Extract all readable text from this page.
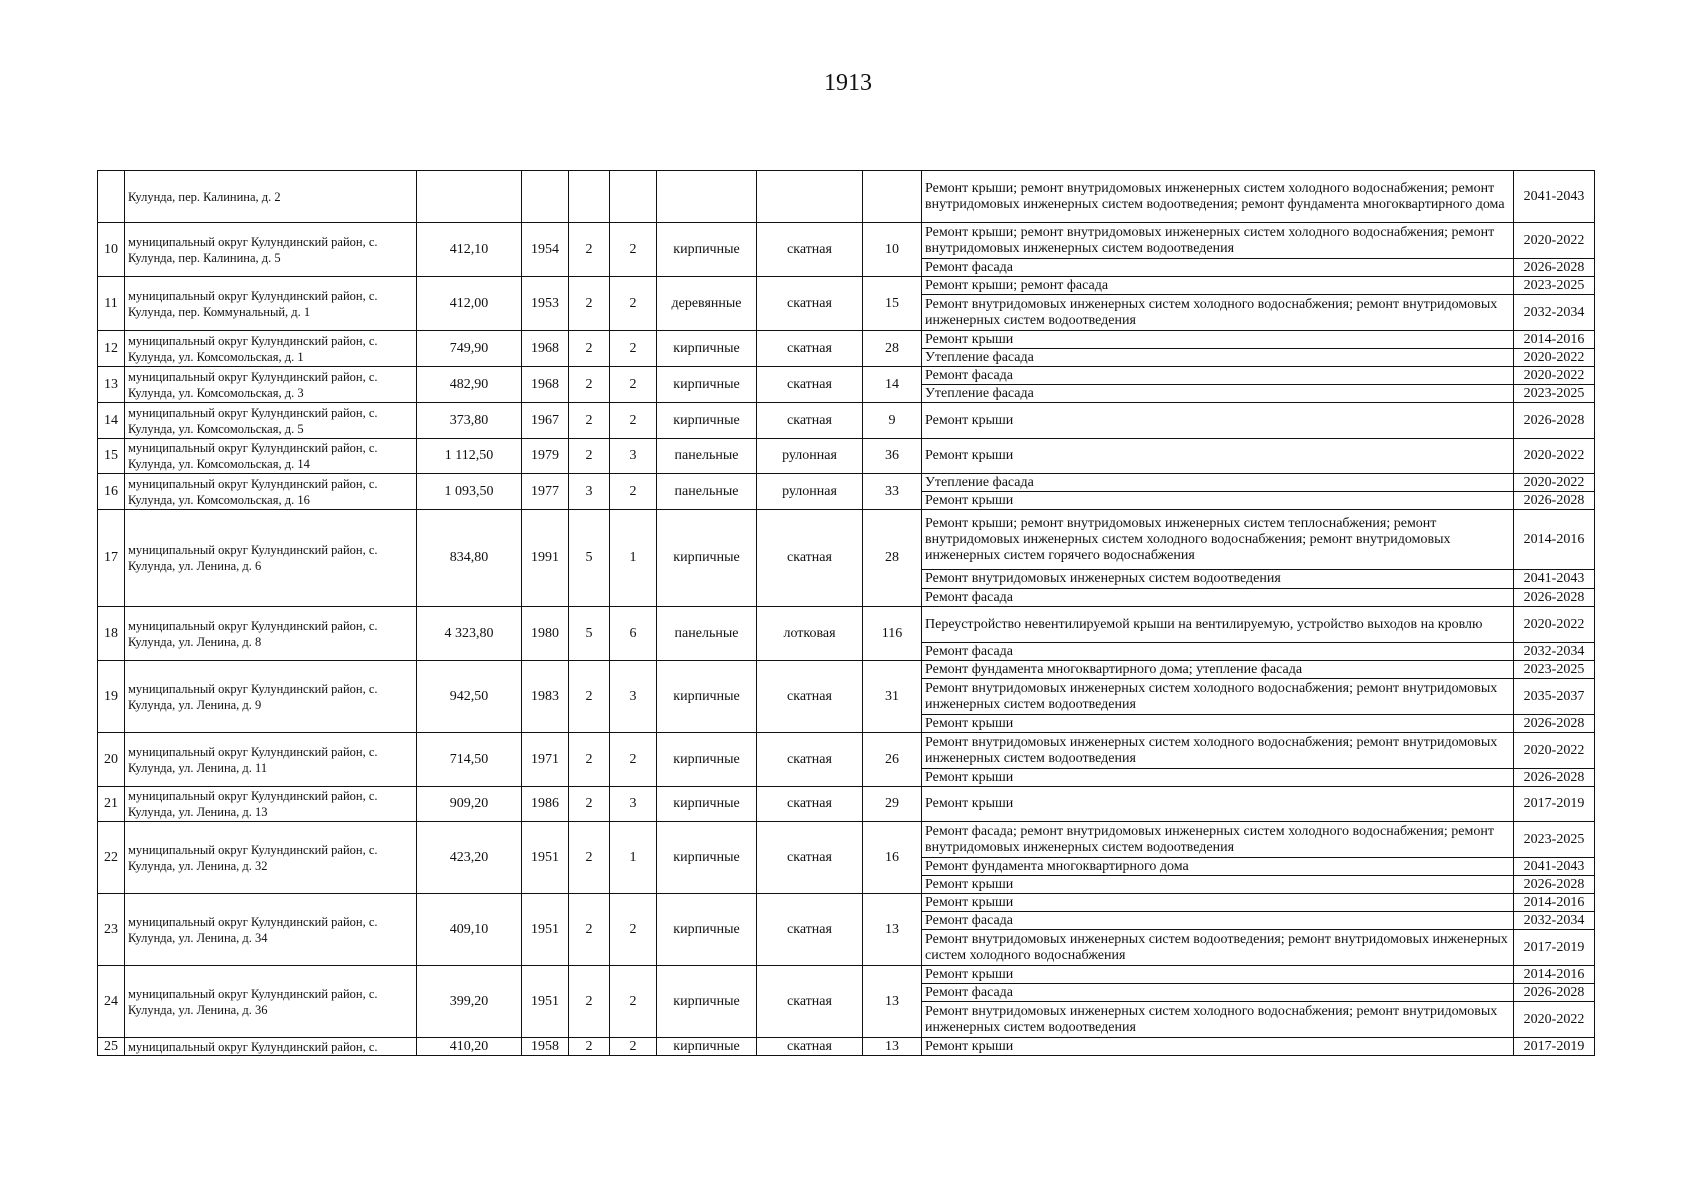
1913
	Кулунда, пер. Калинина, д. 2								Ремонт крыши; ремонт внутридомовых инженерных систем холодного водоснабжения; ремонт внутридомовых инженерных систем водоотведения; ремонт фундамента многоквартирного дома	2041-2043
10	муниципальный округ Кулундинский район, с. Кулунда, пер. Калинина, д. 5	412,10	1954	2	2	кирпичные	скатная	10	Ремонт крыши; ремонт внутридомовых инженерных систем холодного водоснабжения; ремонт внутридомовых инженерных систем водоотведения	2020-2022
									Ремонт фасада	2026-2028
11	муниципальный округ Кулундинский район, с. Кулунда, пер. Коммунальный, д. 1	412,00	1953	2	2	деревянные	скатная	15	Ремонт крыши; ремонт фасада	2023-2025
									Ремонт внутридомовых инженерных систем холодного водоснабжения; ремонт внутридомовых инженерных систем водоотведения	2032-2034
12	муниципальный округ Кулундинский район, с. Кулунда, ул. Комсомольская, д. 1	749,90	1968	2	2	кирпичные	скатная	28	Ремонт крыши	2014-2016
									Утепление фасада	2020-2022
13	муниципальный округ Кулундинский район, с. Кулунда, ул. Комсомольская, д. 3	482,90	1968	2	2	кирпичные	скатная	14	Ремонт фасада	2020-2022
									Утепление фасада	2023-2025
14	муниципальный округ Кулундинский район, с. Кулунда, ул. Комсомольская, д. 5	373,80	1967	2	2	кирпичные	скатная	9	Ремонт крыши	2026-2028
15	муниципальный округ Кулундинский район, с. Кулунда, ул. Комсомольская, д. 14	1 112,50	1979	2	3	панельные	рулонная	36	Ремонт крыши	2020-2022
16	муниципальный округ Кулундинский район, с. Кулунда, ул. Комсомольская, д. 16	1 093,50	1977	3	2	панельные	рулонная	33	Утепление фасада	2020-2022
									Ремонт крыши	2026-2028
17	муниципальный округ Кулундинский район, с. Кулунда, ул. Ленина, д. 6	834,80	1991	5	1	кирпичные	скатная	28	Ремонт крыши; ремонт внутридомовых инженерных систем теплоснабжения; ремонт внутридомовых инженерных систем холодного водоснабжения; ремонт внутридомовых инженерных систем горячего водоснабжения	2014-2016
									Ремонт внутридомовых инженерных систем водоотведения	2041-2043
									Ремонт фасада	2026-2028
18	муниципальный округ Кулундинский район, с. Кулунда, ул. Ленина, д. 8	4 323,80	1980	5	6	панельные	лотковая	116	Переустройство невентилируемой крыши на вентилируемую, устройство выходов на кровлю	2020-2022
									Ремонт фасада	2032-2034
19	муниципальный округ Кулундинский район, с. Кулунда, ул. Ленина, д. 9	942,50	1983	2	3	кирпичные	скатная	31	Ремонт фундамента многоквартирного дома; утепление фасада	2023-2025
									Ремонт внутридомовых инженерных систем холодного водоснабжения; ремонт внутридомовых инженерных систем водоотведения	2035-2037
									Ремонт крыши	2026-2028
20	муниципальный округ Кулундинский район, с. Кулунда, ул. Ленина, д. 11	714,50	1971	2	2	кирпичные	скатная	26	Ремонт внутридомовых инженерных систем холодного водоснабжения; ремонт внутридомовых инженерных систем водоотведения	2020-2022
									Ремонт крыши	2026-2028
21	муниципальный округ Кулундинский район, с. Кулунда, ул. Ленина, д. 13	909,20	1986	2	3	кирпичные	скатная	29	Ремонт крыши	2017-2019
22	муниципальный округ Кулундинский район, с. Кулунда, ул. Ленина, д. 32	423,20	1951	2	1	кирпичные	скатная	16	Ремонт фасада; ремонт внутридомовых инженерных систем холодного водоснабжения; ремонт внутридомовых инженерных систем водоотведения	2023-2025
									Ремонт фундамента многоквартирного дома	2041-2043
									Ремонт крыши	2026-2028
23	муниципальный округ Кулундинский район, с. Кулунда, ул. Ленина, д. 34	409,10	1951	2	2	кирпичные	скатная	13	Ремонт крыши	2014-2016
									Ремонт фасада	2032-2034
									Ремонт внутридомовых инженерных систем водоотведения; ремонт внутридомовых инженерных систем холодного водоснабжения	2017-2019
24	муниципальный округ Кулундинский район, с. Кулунда, ул. Ленина, д. 36	399,20	1951	2	2	кирпичные	скатная	13	Ремонт крыши	2014-2016
									Ремонт фасада	2026-2028
									Ремонт внутридомовых инженерных систем холодного водоснабжения; ремонт внутридомовых инженерных систем водоотведения	2020-2022
25	муниципальный округ Кулундинский район, с.	410,20	1958	2	2	кирпичные	скатная	13	Ремонт крыши	2017-2019
